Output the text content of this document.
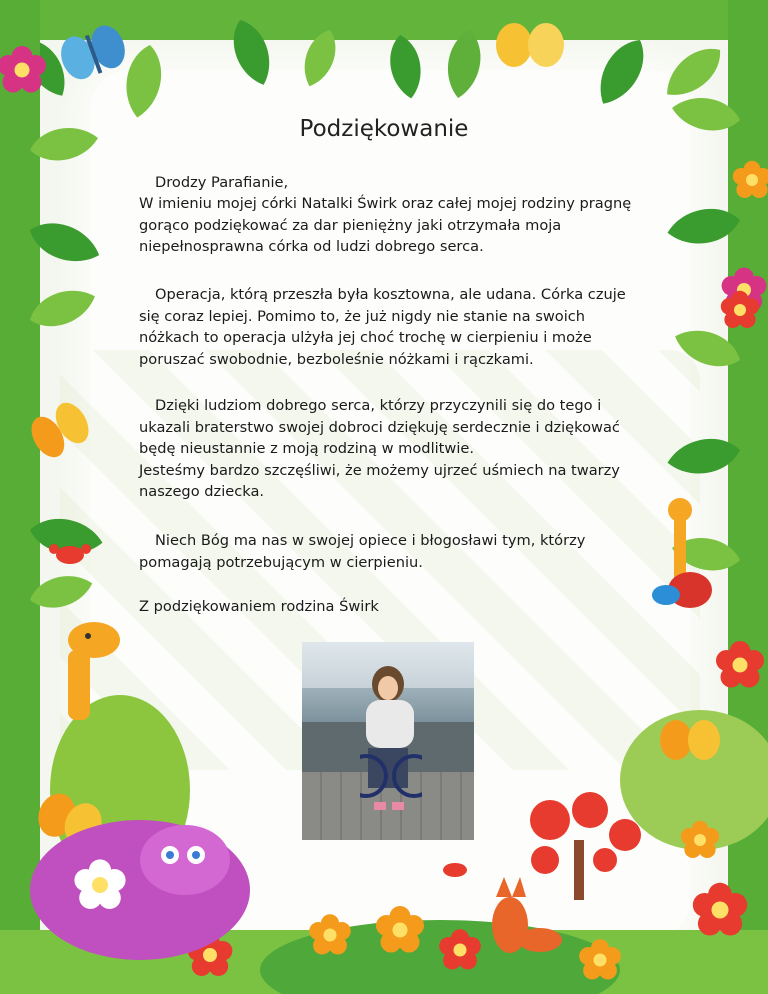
Podziękowanie

Drodzy Parafianie,

W imieniu mojej córki Natalki Świrk oraz całej mojej rodziny pragnę
gorąco podziękować za dar pieniężny jaki otrzymała moja
niepełnosprawna córka od ludzi dobrego serca.
Operacja, którą przeszła była kosztowna, ale udana. Córka czuje
się coraz lepiej. Pomimo to, że już nigdy nie stanie na swoich
nóżkach to operacja ulżyła jej choć trochę w cierpieniu i może
poruszać swobodnie, bezboleśnie nóżkami i rączkami.
Dzięki ludziom dobrego serca, którzy przyczynili się do tego i
ukazali braterstwo swojej dobroci dziękuję serdecznie i dziękować
będę nieustannie z moją rodziną w modlitwie.
Jesteśmy bardzo szczęśliwi, że możemy ujrzeć uśmiech na twarzy
naszego dziecka.
Niech Bóg ma nas w swojej opiece i błogosławi tym, którzy
pomagają potrzebującym w cierpieniu.

Z podziękowaniem rodzina Świrk
